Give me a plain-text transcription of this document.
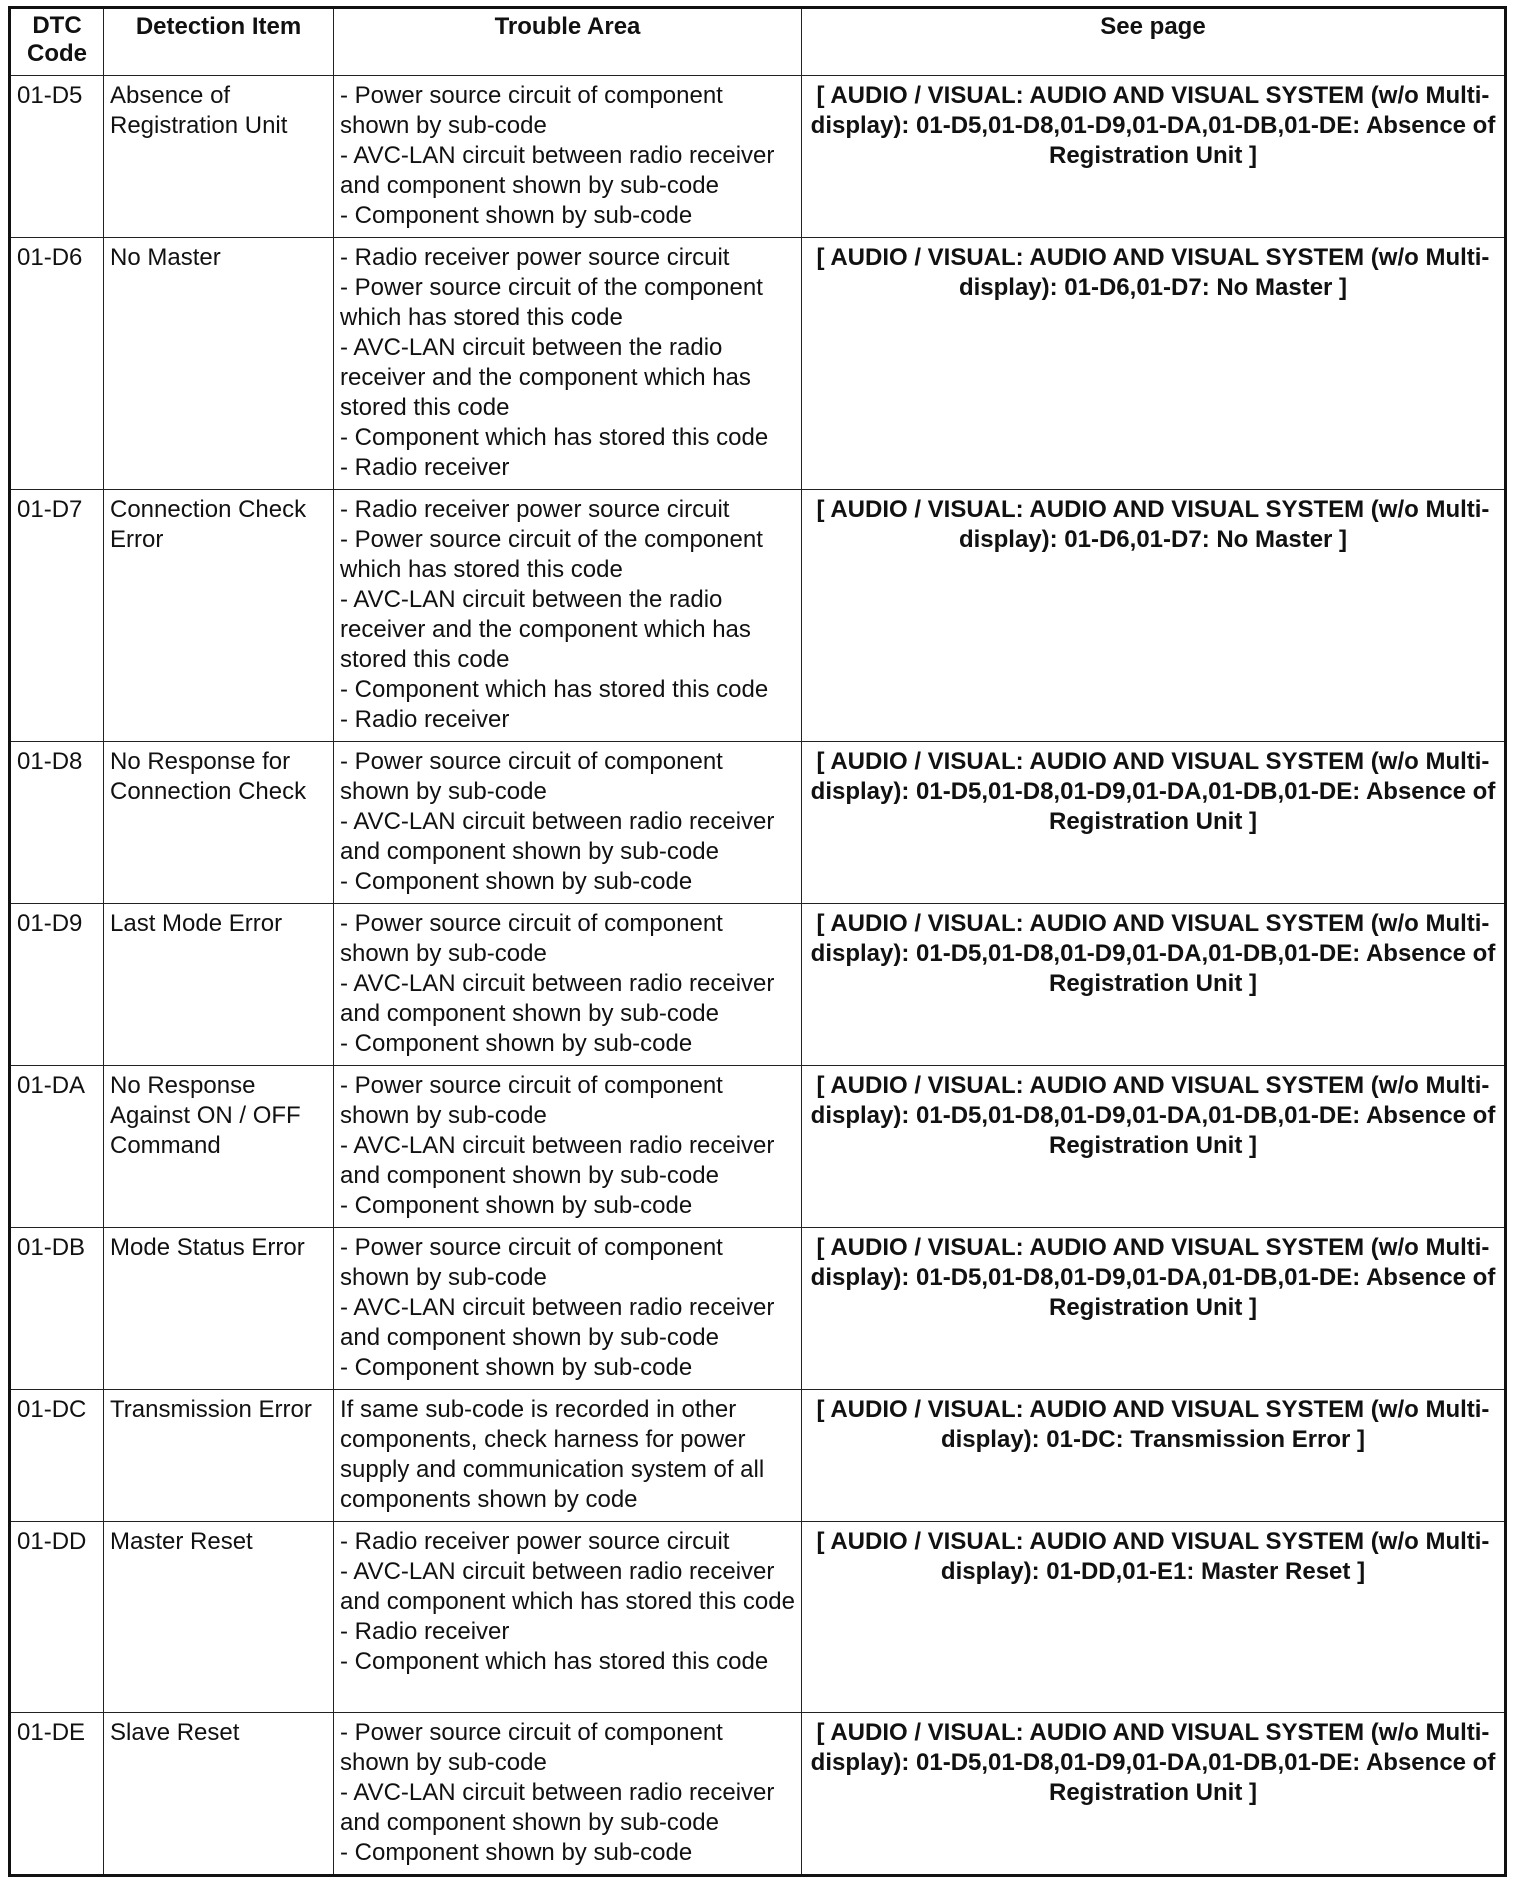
DTC Code	Detection Item	Trouble Area	See page
01-D5	Absence of Registration Unit	- Power source circuit of component shown by sub-code
- AVC-LAN circuit between radio receiver and component shown by sub-code
- Component shown by sub-code	[ AUDIO / VISUAL: AUDIO AND VISUAL SYSTEM (w/o Multi-display): 01-D5,01-D8,01-D9,01-DA,01-DB,01-DE: Absence of Registration Unit ]
01-D6	No Master	- Radio receiver power source circuit
- Power source circuit of the component which has stored this code
- AVC-LAN circuit between the radio receiver and the component which has stored this code
- Component which has stored this code
- Radio receiver	[ AUDIO / VISUAL: AUDIO AND VISUAL SYSTEM (w/o Multi-display): 01-D6,01-D7: No Master ]
01-D7	Connection Check Error	- Radio receiver power source circuit
- Power source circuit of the component which has stored this code
- AVC-LAN circuit between the radio receiver and the component which has stored this code
- Component which has stored this code
- Radio receiver	[ AUDIO / VISUAL: AUDIO AND VISUAL SYSTEM (w/o Multi-display): 01-D6,01-D7: No Master ]
01-D8	No Response for Connection Check	- Power source circuit of component shown by sub-code
- AVC-LAN circuit between radio receiver and component shown by sub-code
- Component shown by sub-code	[ AUDIO / VISUAL: AUDIO AND VISUAL SYSTEM (w/o Multi-display): 01-D5,01-D8,01-D9,01-DA,01-DB,01-DE: Absence of Registration Unit ]
01-D9	Last Mode Error	- Power source circuit of component shown by sub-code
- AVC-LAN circuit between radio receiver and component shown by sub-code
- Component shown by sub-code	[ AUDIO / VISUAL: AUDIO AND VISUAL SYSTEM (w/o Multi-display): 01-D5,01-D8,01-D9,01-DA,01-DB,01-DE: Absence of Registration Unit ]
01-DA	No Response Against ON / OFF Command	- Power source circuit of component shown by sub-code
- AVC-LAN circuit between radio receiver and component shown by sub-code
- Component shown by sub-code	[ AUDIO / VISUAL: AUDIO AND VISUAL SYSTEM (w/o Multi-display): 01-D5,01-D8,01-D9,01-DA,01-DB,01-DE: Absence of Registration Unit ]
01-DB	Mode Status Error	- Power source circuit of component shown by sub-code
- AVC-LAN circuit between radio receiver and component shown by sub-code
- Component shown by sub-code	[ AUDIO / VISUAL: AUDIO AND VISUAL SYSTEM (w/o Multi-display): 01-D5,01-D8,01-D9,01-DA,01-DB,01-DE: Absence of Registration Unit ]
01-DC	Transmission Error	If same sub-code is recorded in other components, check harness for power supply and communication system of all components shown by code	[ AUDIO / VISUAL: AUDIO AND VISUAL SYSTEM (w/o Multi-display): 01-DC: Transmission Error ]
01-DD	Master Reset	- Radio receiver power source circuit
- AVC-LAN circuit between radio receiver and component which has stored this code
- Radio receiver
- Component which has stored this code	[ AUDIO / VISUAL: AUDIO AND VISUAL SYSTEM (w/o Multi-display): 01-DD,01-E1: Master Reset ]
01-DE	Slave Reset	- Power source circuit of component shown by sub-code
- AVC-LAN circuit between radio receiver and component shown by sub-code
- Component shown by sub-code	[ AUDIO / VISUAL: AUDIO AND VISUAL SYSTEM (w/o Multi-display): 01-D5,01-D8,01-D9,01-DA,01-DB,01-DE: Absence of Registration Unit ]
